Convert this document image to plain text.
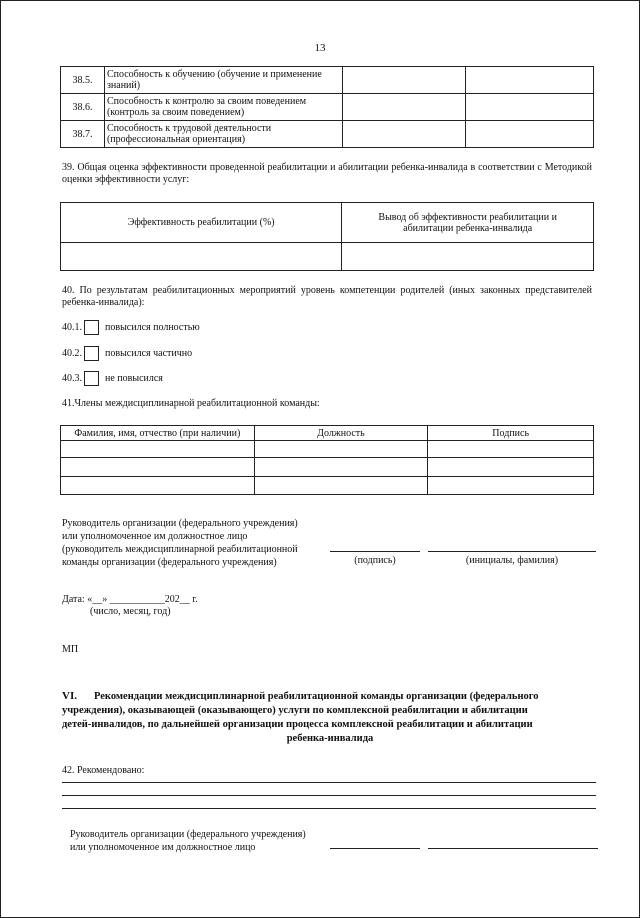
13
38.5.	Способность к обучению (обучение и применение знаний)		
38.6.	Способность к контролю за своим поведением (контроль за своим поведением)		
38.7.	Способность к трудовой деятельности (профессиональная ориентация)		
39. Общая оценка эффективности проведенной реабилитации и абилитации ребенка-инвалида в соответствии с Методикой оценки эффективности услуг:
Эффективность реабилитации (%)	Вывод об эффективности реабилитации и абилитации ребенка-инвалида

40. По результатам реабилитационных мероприятий уровень компетенции родителей (иных законных представителей ребенка-инвалида):
40.1. повысился полностью
40.2. повысился частично
40.3. не повысился
41.Члены междисциплинарной реабилитационной команды:
Фамилия, имя, отчество (при наличии)	Должность	Подпись

Руководитель организации (федерального учреждения)
или уполномоченное им должностное лицо
(руководитель междисциплинарной реабилитационной
команды организации (федерального учреждения)	(подпись)	(инициалы, фамилия)
Дата: «__» ___________202__ г.
(число, месяц, год)
МП
VI. Рекомендации междисциплинарной реабилитационной команды организации (федерального
учреждения), оказывающей (оказывающего) услуги по комплексной реабилитации и абилитации
детей-инвалидов, по дальнейшей организации процесса комплексной реабилитации и абилитации
ребенка-инвалида
42. Рекомендовано:
Руководитель организации (федерального учреждения)
или уполномоченное им должностное лицо
